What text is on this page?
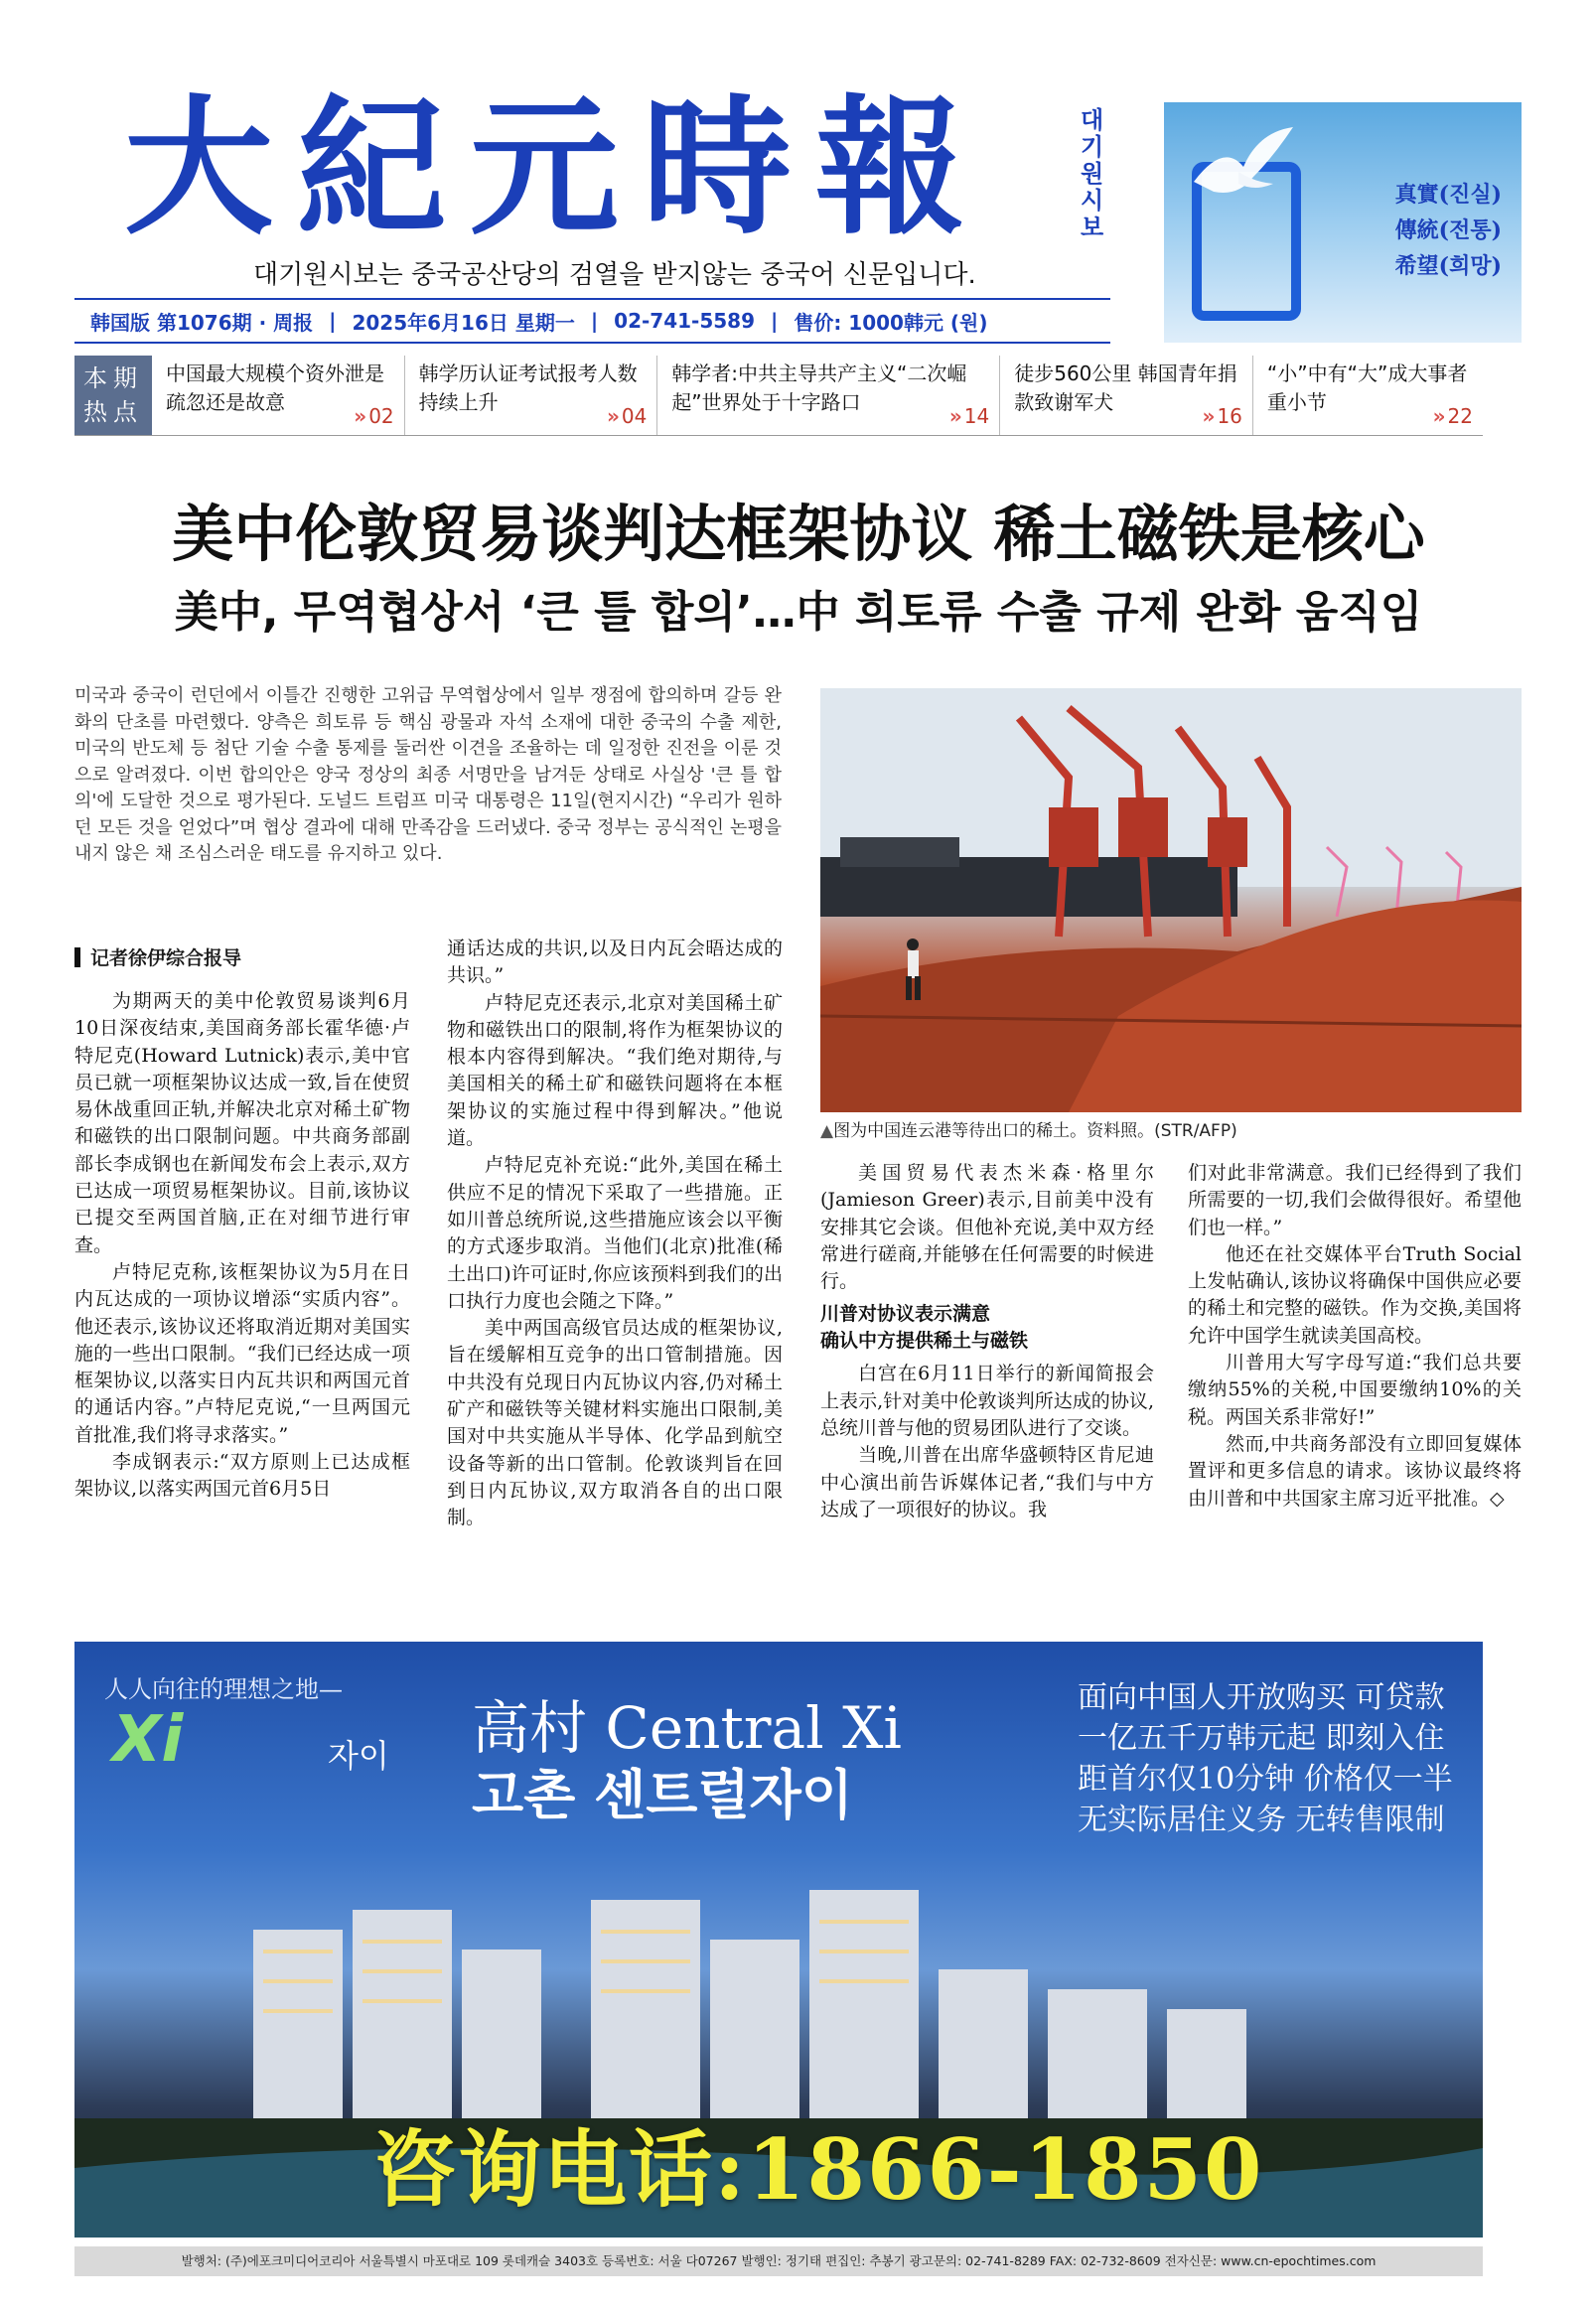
大紀元時報	대기원시보
대기원시보는 중국공산당의 검열을 받지않는 중국어 신문입니다.
韩国版 第1076期 · 周报 | 2025年6月16日 星期一 | 02-741-5589 | 售价: 1000韩元 (원)
真實(진실)
傳統(전통)
希望(희망)
本期热点
中国最大规模个资外泄是疏忽还是故意
» 02
韩学历认证考试报考人数持续上升
» 04
韩学者:中共主导共产主义“二次崛起”世界处于十字路口
» 14
徒步560公里 韩国青年捐款致谢军犬
» 16
“小”中有“大”成大事者重小节
» 22
美中伦敦贸易谈判达框架协议 稀土磁铁是核心
美中, 무역협상서 ‘큰 틀 합의’…中 희토류 수출 규제 완화 움직임
미국과 중국이 런던에서 이틀간 진행한 고위급 무역협상에서 일부 쟁점에 합의하며 갈등 완화의 단초를 마련했다. 양측은 희토류 등 핵심 광물과 자석 소재에 대한 중국의 수출 제한, 미국의 반도체 등 첨단 기술 수출 통제를 둘러싼 이견을 조율하는 데 일정한 진전을 이룬 것으로 알려졌다. 이번 합의안은 양국 정상의 최종 서명만을 남겨둔 상태로 사실상 '큰 틀 합의'에 도달한 것으로 평가된다. 도널드 트럼프 미국 대통령은 11일(현지시간) “우리가 원하던 모든 것을 얻었다”며 협상 결과에 대해 만족감을 드러냈다. 중국 정부는 공식적인 논평을 내지 않은 채 조심스러운 태도를 유지하고 있다.
▲ 图为中国连云港等待出口的稀土。资料照。(STR/AFP)
记者徐伊综合报导

为期两天的美中伦敦贸易谈判6月10日深夜结束,美国商务部长霍华德·卢特尼克(Howard Lutnick)表示,美中官员已就一项框架协议达成一致,旨在使贸易休战重回正轨,并解决北京对稀土矿物和磁铁的出口限制问题。中共商务部副部长李成钢也在新闻发布会上表示,双方已达成一项贸易框架协议。目前,该协议已提交至两国首脑,正在对细节进行审查。

卢特尼克称,该框架协议为5月在日内瓦达成的一项协议增添“实质内容”。他还表示,该协议还将取消近期对美国实施的一些出口限制。“我们已经达成一项框架协议,以落实日内瓦共识和两国元首的通话内容。”卢特尼克说,“一旦两国元首批准,我们将寻求落实。”

李成钢表示:“双方原则上已达成框架协议,以落实两国元首6月5日

通话达成的共识,以及日内瓦会晤达成的共识。”

卢特尼克还表示,北京对美国稀土矿物和磁铁出口的限制,将作为框架协议的根本内容得到解决。“我们绝对期待,与美国相关的稀土矿和磁铁问题将在本框架协议的实施过程中得到解决。”他说道。

卢特尼克补充说:“此外,美国在稀土供应不足的情况下采取了一些措施。正如川普总统所说,这些措施应该会以平衡的方式逐步取消。当他们(北京)批准(稀土出口)许可证时,你应该预料到我们的出口执行力度也会随之下降。”

美中两国高级官员达成的框架协议,旨在缓解相互竞争的出口管制措施。因中共没有兑现日内瓦协议内容,仍对稀土矿产和磁铁等关键材料实施出口限制,美国对中共实施从半导体、化学品到航空设备等新的出口管制。伦敦谈判旨在回到日内瓦协议,双方取消各自的出口限制。

美国贸易代表杰米森·格里尔(Jamieson Greer)表示,目前美中没有安排其它会谈。但他补充说,美中双方经常进行磋商,并能够在任何需要的时候进行。

川普对协议表示满意
确认中方提供稀土与磁铁

白宫在6月11日举行的新闻简报会上表示,针对美中伦敦谈判所达成的协议,总统川普与他的贸易团队进行了交谈。

当晚,川普在出席华盛顿特区肯尼迪中心演出前告诉媒体记者,“我们与中方达成了一项很好的协议。我

们对此非常满意。我们已经得到了我们所需要的一切,我们会做得很好。希望他们也一样。”

他还在社交媒体平台Truth Social上发帖确认,该协议将确保中国供应必要的稀土和完整的磁铁。作为交换,美国将允许中国学生就读美国高校。

川普用大写字母写道:“我们总共要缴纳55%的关税,中国要缴纳10%的关税。两国关系非常好!”

然而,中共商务部没有立即回复媒体置评和更多信息的请求。该协议最终将由川普和中共国家主席习近平批准。◇

人人向往的理想之地—
Xi	자이 高村 Central Xi
고촌 센트럴자이
面向中国人开放购买 可贷款
一亿五千万韩元起 即刻入住
距首尔仅10分钟 价格仅一半
无实际居住义务 无转售限制
咨询电话:1866-1850
발행처: (주)에포크미디어코리아 서울특별시 마포대로 109 롯데캐슬 3403호 등록번호: 서울 다07267 발행인: 정기태 편집인: 추봉기 광고문의: 02-741-8289 FAX: 02-732-8609 전자신문: www.cn-epochtimes.com
